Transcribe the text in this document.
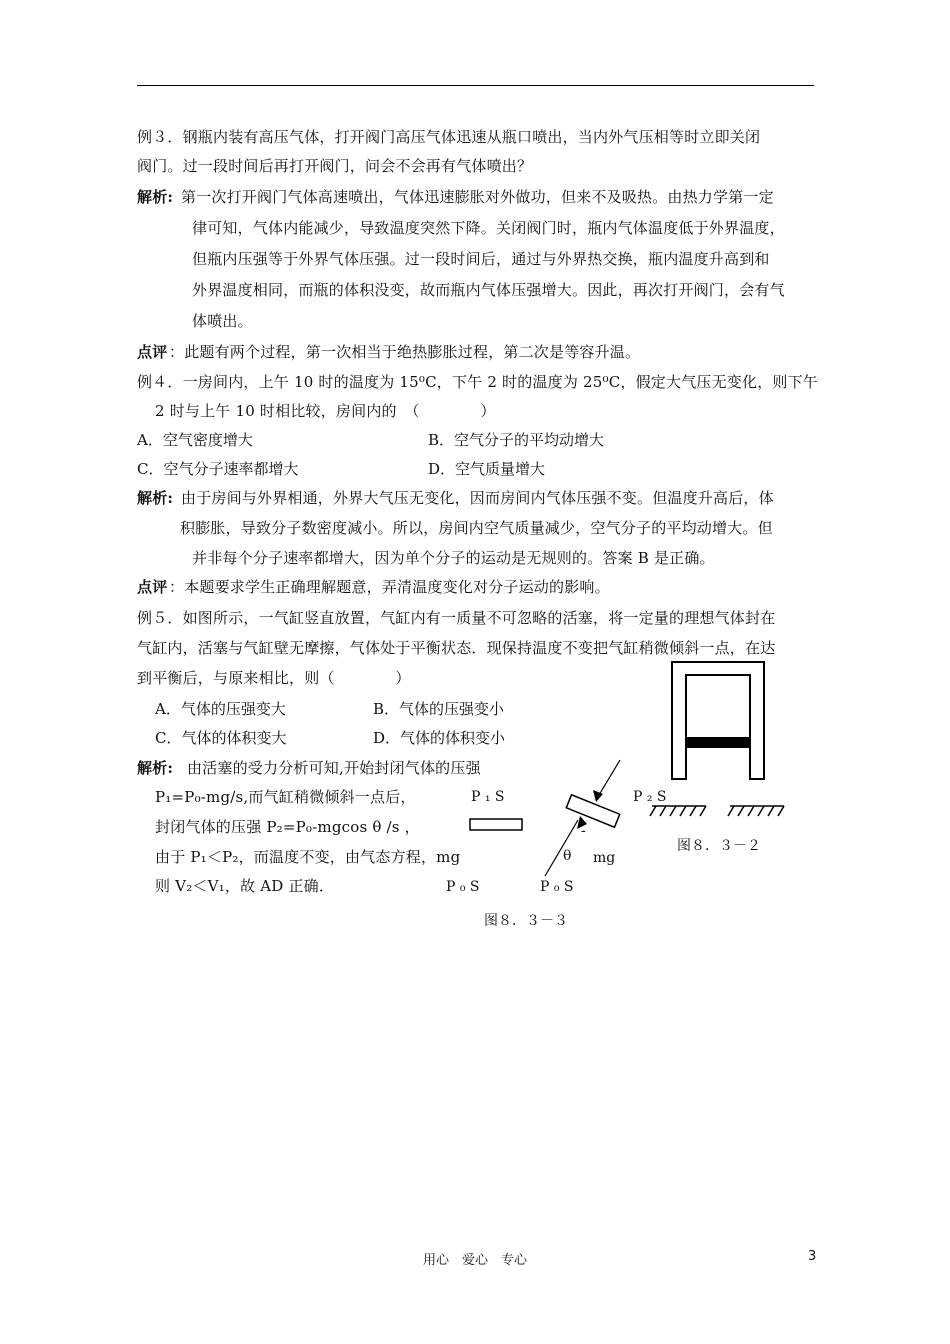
例３．钢瓶内装有高压气体，打开阀门高压气体迅速从瓶口喷出，当内外气压相等时立即关闭
阀门。过一段时间后再打开阀门，问会不会再有气体喷出？
解析: 第一次打开阀门气体高速喷出，气体迅速膨胀对外做功，但来不及吸热。由热力学第一定
律可知，气体内能减少，导致温度突然下降。关闭阀门时，瓶内气体温度低于外界温度，
但瓶内压强等于外界气体压强。过一段时间后，通过与外界热交换，瓶内温度升高到和
外界温度相同，而瓶的体积没变，故而瓶内气体压强增大。因此，再次打开阀门，会有气
体喷出。
点评 ：此题有两个过程，第一次相当于绝热膨胀过程，第二次是等容升温。
例４．一房间内，上午 10 时的温度为 15⁰C，下午 2 时的温度为 25⁰C，假定大气压无变化，则下午
2 时与上午 10 时相比较，房间内的　（　　　　）
A．空气密度增大	B．空气分子的平均动增大
C．空气分子速率都增大	D．空气质量增大
解析: 由于房间与外界相通，外界大气压无变化，因而房间内气体压强不变。但温度升高后，体
积膨胀，导致分子数密度减小。所以，房间内空气质量减少，空气分子的平均动增大。但
并非每个分子速率都增大，因为单个分子的运动是无规则的。答案 B 是正确。
点评 ：本题要求学生正确理解题意，弄清温度变化对分子运动的影响。
例５．如图所示，一气缸竖直放置，气缸内有一质量不可忽略的活塞，将一定量的理想气体封在
气缸内，活塞与气缸壁无摩擦，气体处于平衡状态．现保持温度不变把气缸稍微倾斜一点，在达
到平衡后，与原来相比，则（　　　　）
A．气体的压强变大	B．气体的压强变小
C．气体的体积变大	D．气体的体积变小
解析: 由活塞的受力分析可知,开始封闭气体的压强
P₁=P₀-mg/s,而气缸稍微倾斜一点后，
封闭气体的压强 P₂=P₀-mgcos θ /s ，
由于 P₁＜P₂，而温度不变，由气态方程，mg
则 V₂＜V₁，故 AD 正确．
P ₁ S	P ₂ S
-
θ mg
P ₀ S	P ₀ S
图８．３－２
图８．３－３
用心　爱心　专心	3
